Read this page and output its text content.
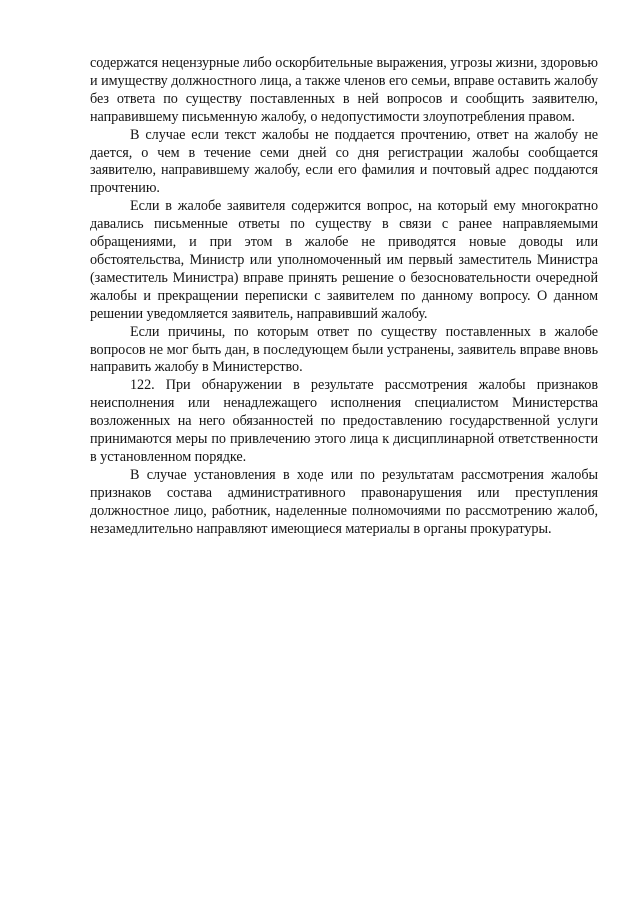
содержатся нецензурные либо оскорбительные выражения, угрозы жизни, здоровью и имуществу должностного лица, а также членов его семьи, вправе оставить жалобу без ответа по существу поставленных в ней вопросов и сообщить заявителю, направившему письменную жалобу, о недопустимости злоупотребления правом.

В случае если текст жалобы не поддается прочтению, ответ на жалобу не дается, о чем в течение семи дней со дня регистрации жалобы сообщается заявителю, направившему жалобу, если его фамилия и почтовый адрес поддаются прочтению.

Если в жалобе заявителя содержится вопрос, на который ему многократно давались письменные ответы по существу в связи с ранее направляемыми обращениями, и при этом в жалобе не приводятся новые доводы или обстоятельства, Министр или уполномоченный им первый заместитель Министра (заместитель Министра) вправе принять решение о безосновательности очередной жалобы и прекращении переписки с заявителем по данному вопросу. О данном решении уведомляется заявитель, направивший жалобу.

Если причины, по которым ответ по существу поставленных в жалобе вопросов не мог быть дан, в последующем были устранены, заявитель вправе вновь направить жалобу в Министерство.

122. При обнаружении в результате рассмотрения жалобы признаков неисполнения или ненадлежащего исполнения специалистом Министерства возложенных на него обязанностей по предоставлению государственной услуги принимаются меры по привлечению этого лица к дисциплинарной ответственности в установленном порядке.

В случае установления в ходе или по результатам рассмотрения жалобы признаков состава административного правонарушения или преступления должностное лицо, работник, наделенные полномочиями по рассмотрению жалоб, незамедлительно направляют имеющиеся материалы в органы прокуратуры.
